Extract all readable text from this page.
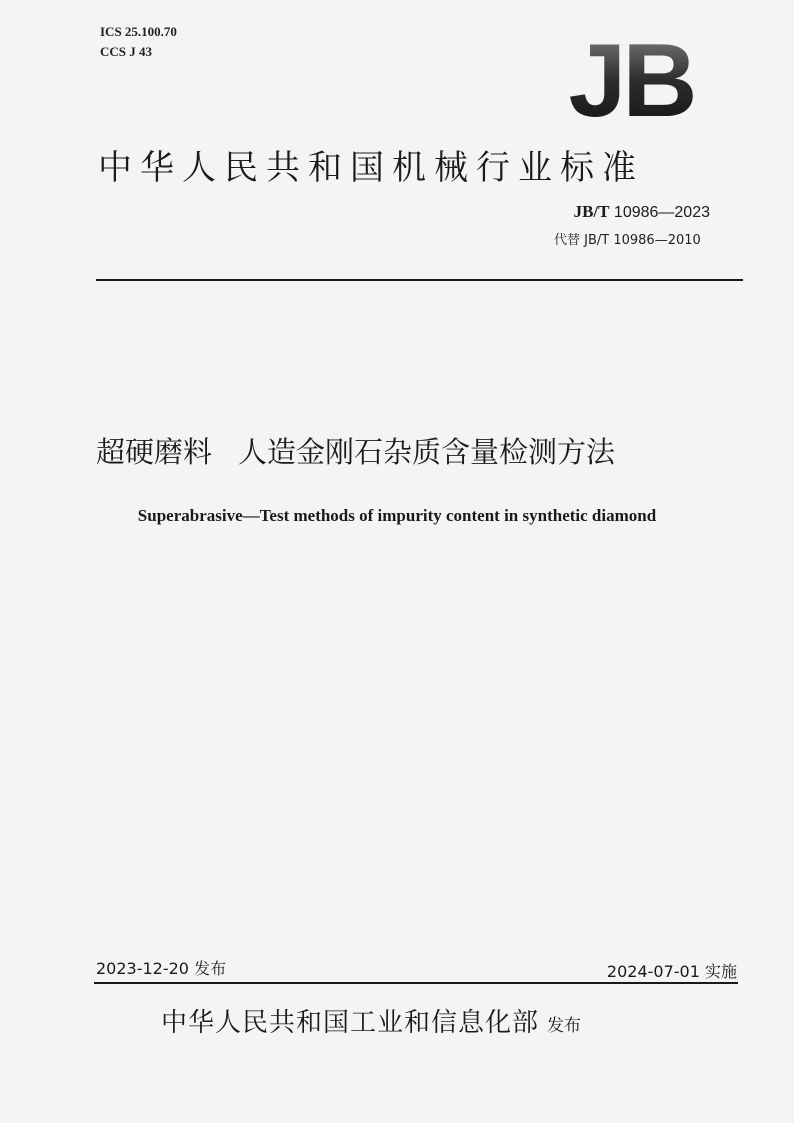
ICS 25.100.70
CCS J 43	JB
中华人民共和国机械行业标准
JB/T 10986—2023
代替 JB/T 10986—2010
超硬磨料 人造金刚石杂质含量检测方法
Superabrasive—Test methods of impurity content in synthetic diamond
2023-12-20 发布	2024-07-01 实施
中华人民共和国工业和信息化部 发布
